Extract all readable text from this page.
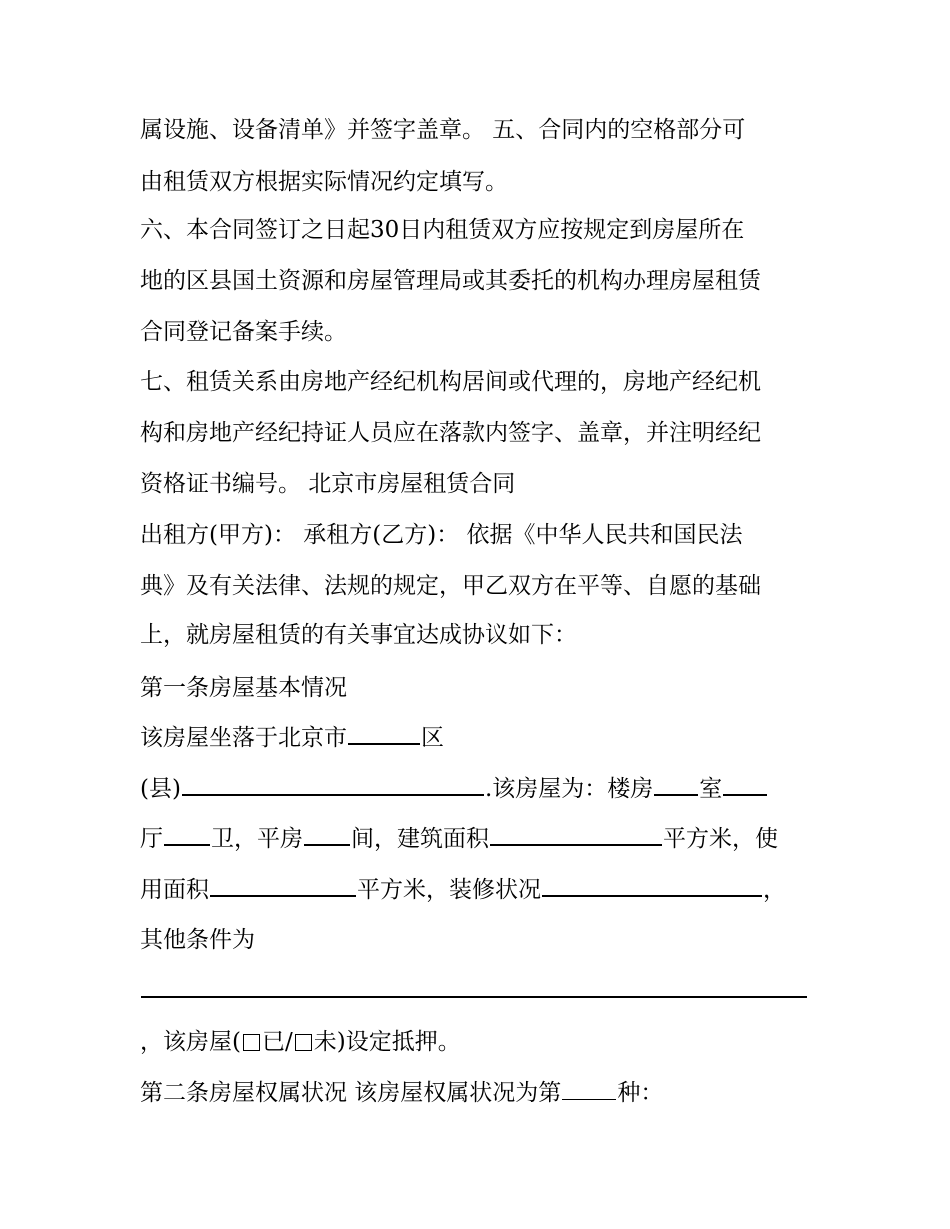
属设施、设备清单》并签字盖章。 五、合同内的空格部分可
由租赁双方根据实际情况约定填写。
六、本合同签订之日起30日内租赁双方应按规定到房屋所在
地的区县国土资源和房屋管理局或其委托的机构办理房屋租赁
合同登记备案手续。
七、租赁关系由房地产经纪机构居间或代理的，房地产经纪机
构和房地产经纪持证人员应在落款内签字、盖章，并注明经纪
资格证书编号。 北京市房屋租赁合同
出租方(甲方)： 承租方(乙方)： 依据《中华人民共和国民法
典》及有关法律、法规的规定，甲乙双方在平等、自愿的基础
上，就房屋租赁的有关事宜达成协议如下：
第一条房屋基本情况
该房屋坐落于北京市	区
(县)	.该房屋为：楼房 室
厅 卫，平房 间，建筑面积	平方米，使
用面积	平方米，装修状况	，
其他条件为
，该房屋( 已/ 未)设定抵押。
第二条房屋权属状况 该房屋权属状况为第 种：
